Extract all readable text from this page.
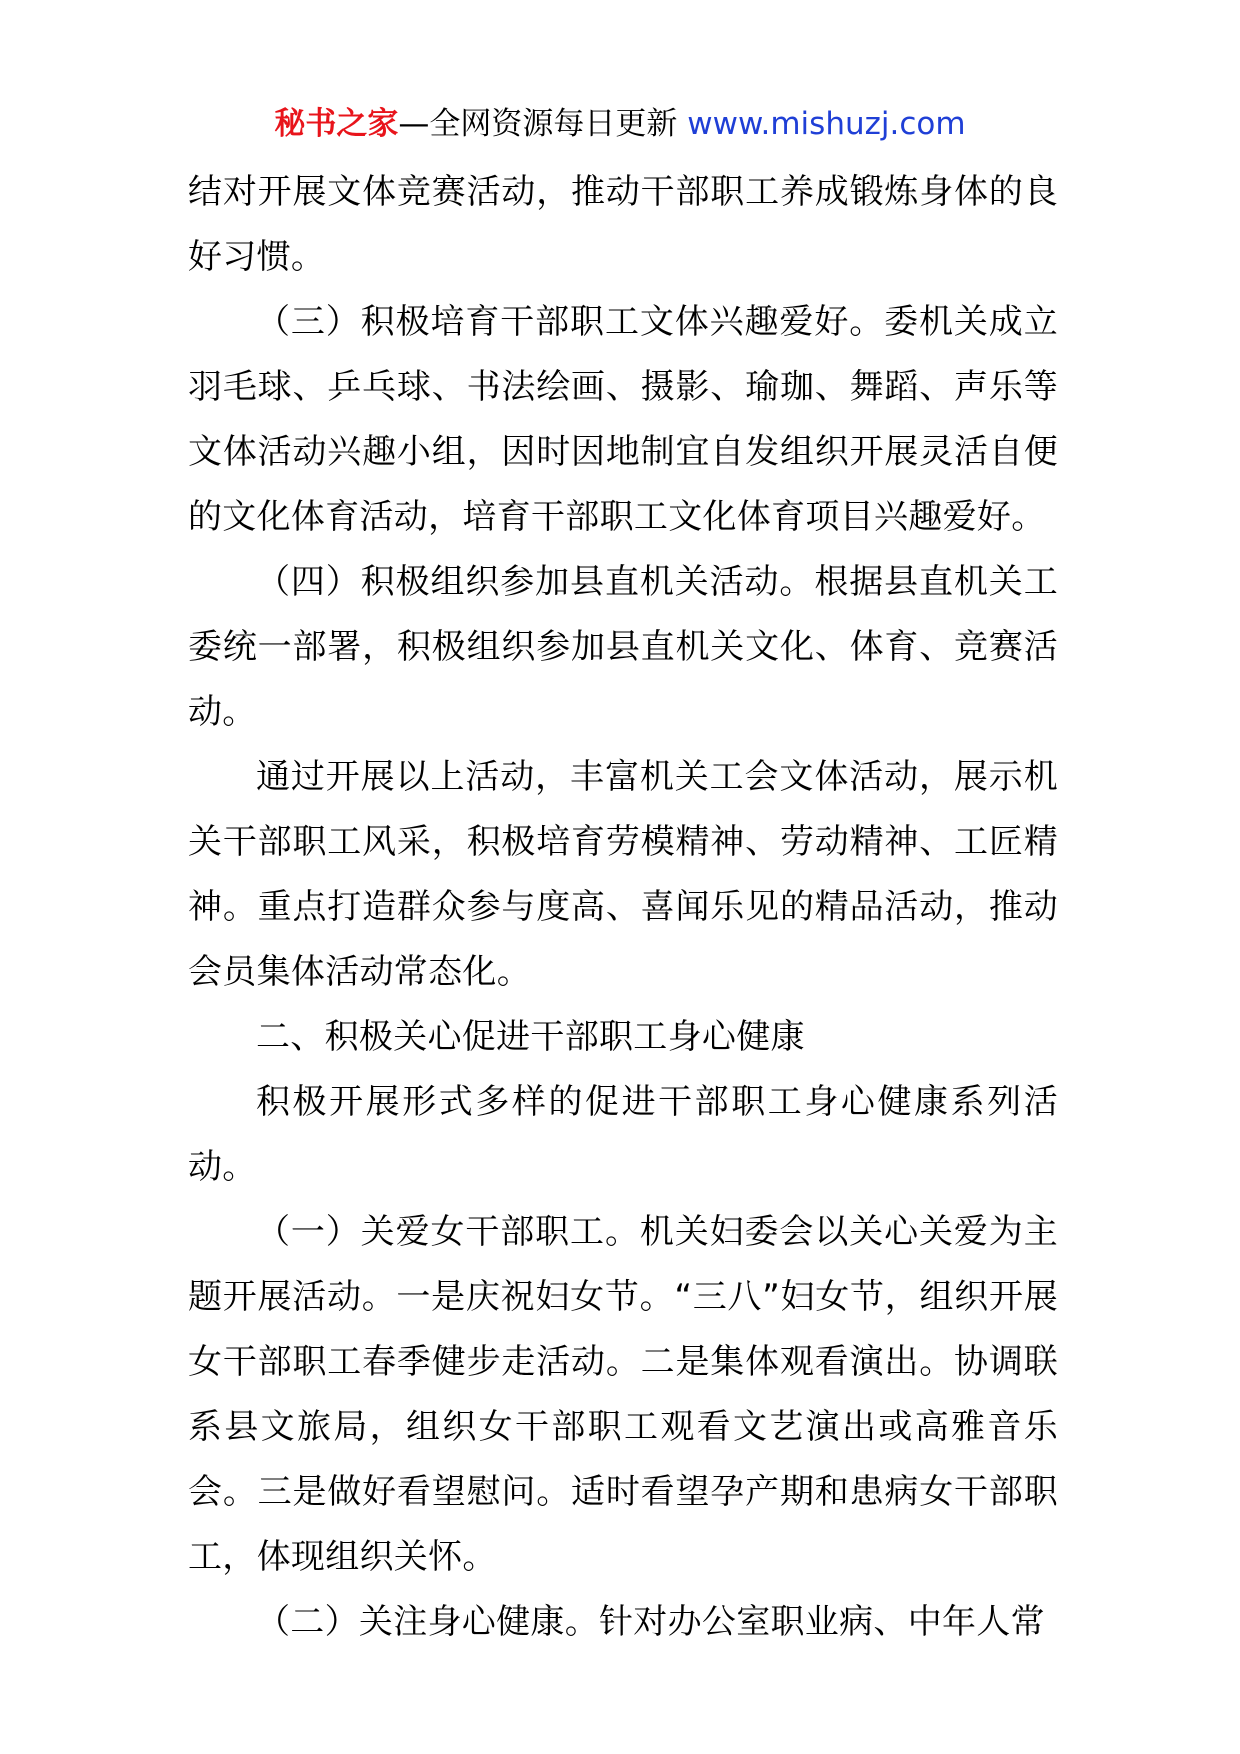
秘书之家—全网资源每日更新 www.mishuzj.com

结对开展文体竞赛活动，推动干部职工养成锻炼身体的良好习惯。

（三）积极培育干部职工文体兴趣爱好。委机关成立羽毛球、乒乓球、书法绘画、摄影、瑜珈、舞蹈、声乐等文体活动兴趣小组，因时因地制宜自发组织开展灵活自便的文化体育活动，培育干部职工文化体育项目兴趣爱好。

（四）积极组织参加县直机关活动。根据县直机关工委统一部署，积极组织参加县直机关文化、体育、竞赛活动。

通过开展以上活动，丰富机关工会文体活动，展示机关干部职工风采，积极培育劳模精神、劳动精神、工匠精神。重点打造群众参与度高、喜闻乐见的精品活动，推动会员集体活动常态化。

二、积极关心促进干部职工身心健康

积极开展形式多样的促进干部职工身心健康系列活动。

（一）关爱女干部职工。机关妇委会以关心关爱为主题开展活动。一是庆祝妇女节。“三八”妇女节，组织开展女干部职工春季健步走活动。二是集体观看演出。协调联系县文旅局，组织女干部职工观看文艺演出或高雅音乐会。三是做好看望慰问。适时看望孕产期和患病女干部职工，体现组织关怀。

（二）关注身心健康。针对办公室职业病、中年人常
